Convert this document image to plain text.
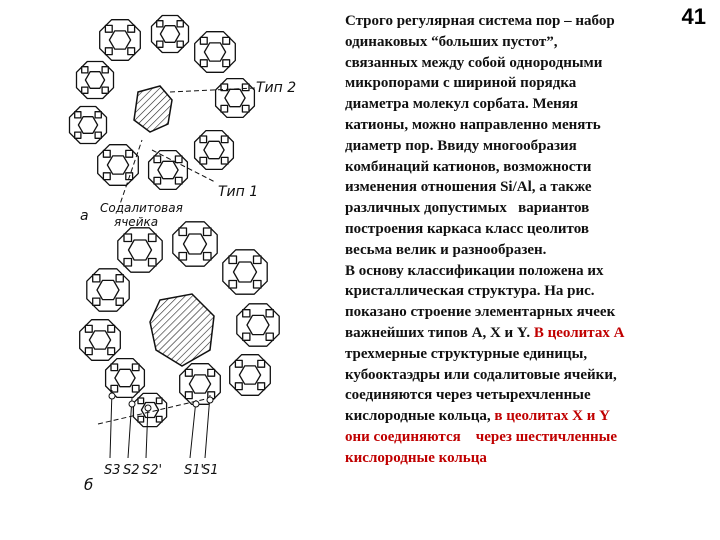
Тип 2
Тип 1
Содалитовая
ячейка
а
б
S3 S2 S2' S1'
S1
41
Строго регулярная система пор – набор
одинаковых “больших пустот”,
связанных между собой однородными
микропорами с шириной порядка
диаметра молекул сорбата. Меняя
катионы, можно направленно менять
диаметр пор. Ввиду многообразия
комбинаций катионов, возможности
изменения отношения Si/Al, а также
различных допустимых   вариантов
построения каркаса класс цеолитов
весьма велик и разнообразен.
В основу классификации положена их
кристаллическая структура. На рис.
показано строение элементарных ячеек
важнейших типов А, X и Y. В цеолитах А
трехмерные структурные единицы,
кубооктаэдры или содалитовые ячейки,
соединяются через четырехчленные
кислородные кольца, в цеолитах X и Y
они соединяются    через шестичленные
кислородные кольца
